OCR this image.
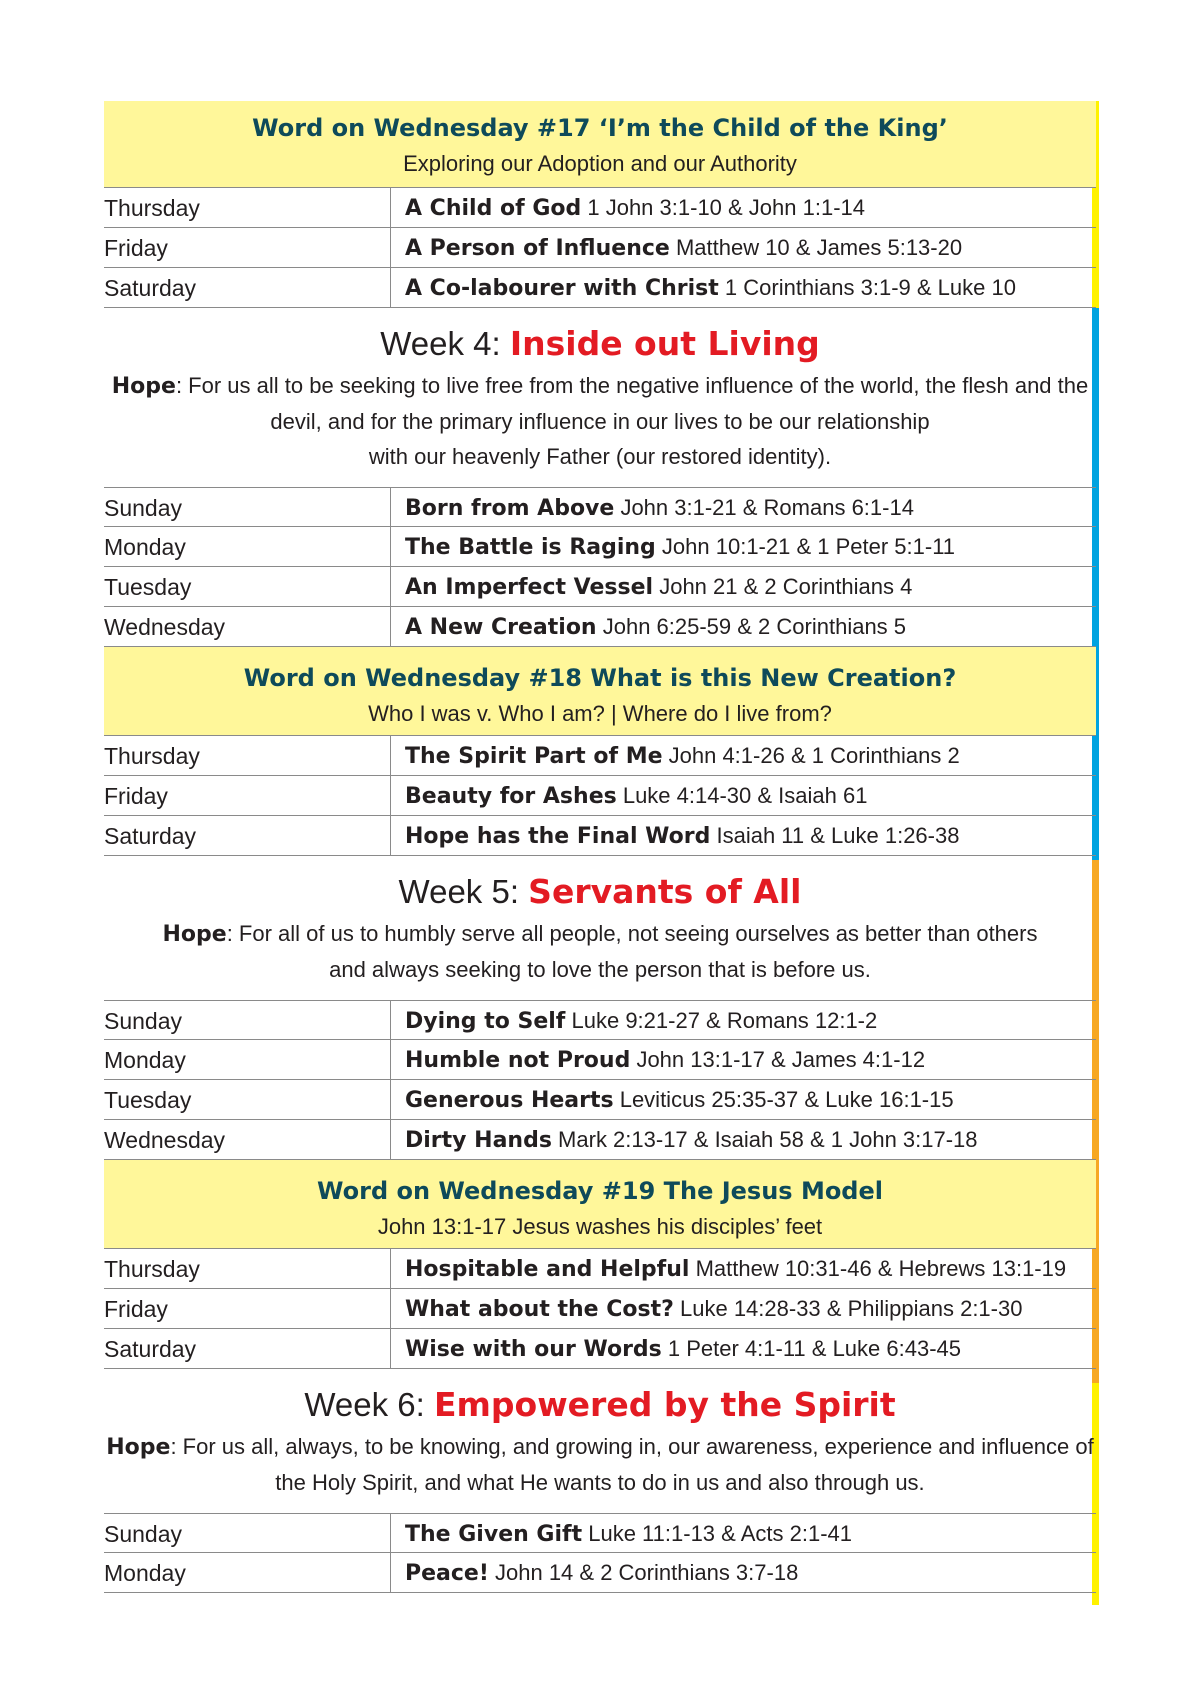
Word on Wednesday #17 ‘I’m the Child of the King’
Exploring our Adoption and our Authority
Thursday	A Child of God 1 John 3:1-10 & John 1:1-14
Friday	A Person of Influence Matthew 10 & James 5:13-20
Saturday	A Co-labourer with Christ 1 Corinthians 3:1-9 & Luke 10
Week 4: Inside out Living
Hope: For us all to be seeking to live free from the negative influence of the world, the flesh and the
devil, and for the primary influence in our lives to be our relationship
with our heavenly Father (our restored identity).
Sunday	Born from Above John 3:1-21 & Romans 6:1-14
Monday	The Battle is Raging John 10:1-21 & 1 Peter 5:1-11
Tuesday	An Imperfect Vessel John 21 & 2 Corinthians 4
Wednesday	A New Creation John 6:25-59 & 2 Corinthians 5
Word on Wednesday #18 What is this New Creation?
Who I was v. Who I am? | Where do I live from?
Thursday	The Spirit Part of Me John 4:1-26 & 1 Corinthians 2
Friday	Beauty for Ashes Luke 4:14-30 & Isaiah 61
Saturday	Hope has the Final Word Isaiah 11 & Luke 1:26-38
Week 5: Servants of All
Hope: For all of us to humbly serve all people, not seeing ourselves as better than others
and always seeking to love the person that is before us.
Sunday	Dying to Self Luke 9:21-27 & Romans 12:1-2
Monday	Humble not Proud John 13:1-17 & James 4:1-12
Tuesday	Generous Hearts Leviticus 25:35-37 & Luke 16:1-15
Wednesday	Dirty Hands Mark 2:13-17 & Isaiah 58 & 1 John 3:17-18
Word on Wednesday #19 The Jesus Model
John 13:1-17 Jesus washes his disciples’ feet
Thursday	Hospitable and Helpful Matthew 10:31-46 & Hebrews 13:1-19
Friday	What about the Cost? Luke 14:28-33 & Philippians 2:1-30
Saturday	Wise with our Words 1 Peter 4:1-11 & Luke 6:43-45
Week 6: Empowered by the Spirit
Hope: For us all, always, to be knowing, and growing in, our awareness, experience and influence of
the Holy Spirit, and what He wants to do in us and also through us.
Sunday	The Given Gift Luke 11:1-13 & Acts 2:1-41
Monday	Peace! John 14 & 2 Corinthians 3:7-18
